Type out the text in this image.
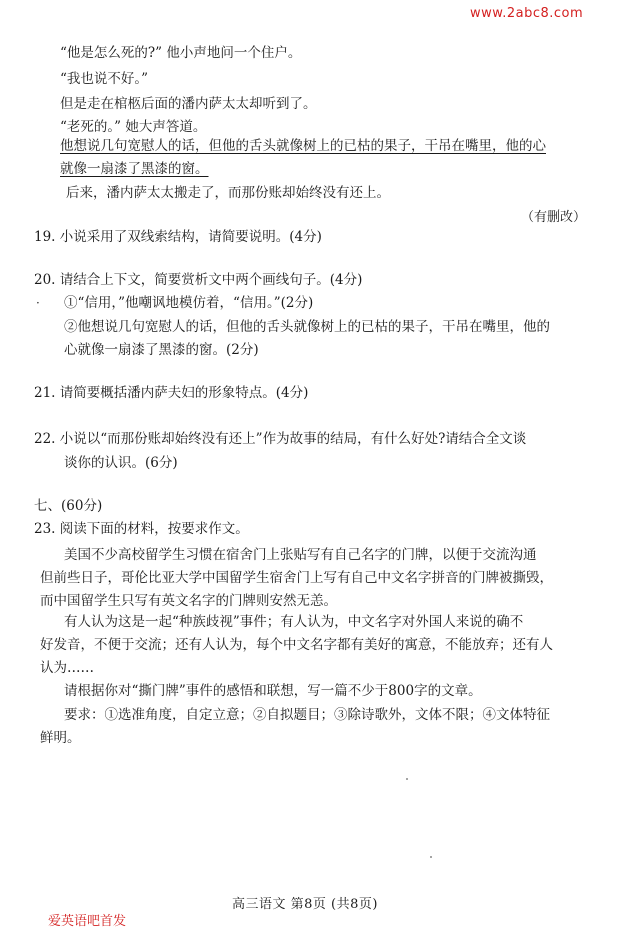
www.2abc8.com
“他是怎么死的?” 他小声地问一个住户。
“我也说不好。”
但是走在棺柩后面的潘内萨太太却听到了。
“老死的。” 她大声答道。
他想说几句宽慰人的话，但他的舌头就像树上的已枯的果子，干吊在嘴里，他的心
就像一扇漆了黑漆的窗。
后来，潘内萨太太搬走了，而那份账却始终没有还上。
（有删改）
19. 小说采用了双线索结构，请简要说明。(4分)
20. 请结合上下文，简要赏析文中两个画线句子。(4分)
· ①“信用，”他嘲讽地模仿着，“信用。”(2分)
②他想说几句宽慰人的话，但他的舌头就像树上的已枯的果子，干吊在嘴里，他的
心就像一扇漆了黑漆的窗。(2分)
21. 请简要概括潘内萨夫妇的形象特点。(4分)
22. 小说以“而那份账却始终没有还上”作为故事的结局，有什么好处?请结合全文谈
谈你的认识。(6分)
七、(60分)
23. 阅读下面的材料，按要求作文。
美国不少高校留学生习惯在宿舍门上张贴写有自己名字的门牌，以便于交流沟通
但前些日子，哥伦比亚大学中国留学生宿舍门上写有自己中文名字拼音的门牌被撕毁，
而中国留学生只写有英文名字的门牌则安然无恙。
有人认为这是一起“种族歧视”事件；有人认为，中文名字对外国人来说的确不
好发音，不便于交流；还有人认为，每个中文名字都有美好的寓意，不能放弃；还有人
认为……
请根据你对“撕门牌”事件的感悟和联想，写一篇不少于800字的文章。
要求：①选准角度，自定立意；②自拟题目；③除诗歌外，文体不限；④文体特征
鲜明。
高三语文 第8页 (共8页)
爱英语吧首发
